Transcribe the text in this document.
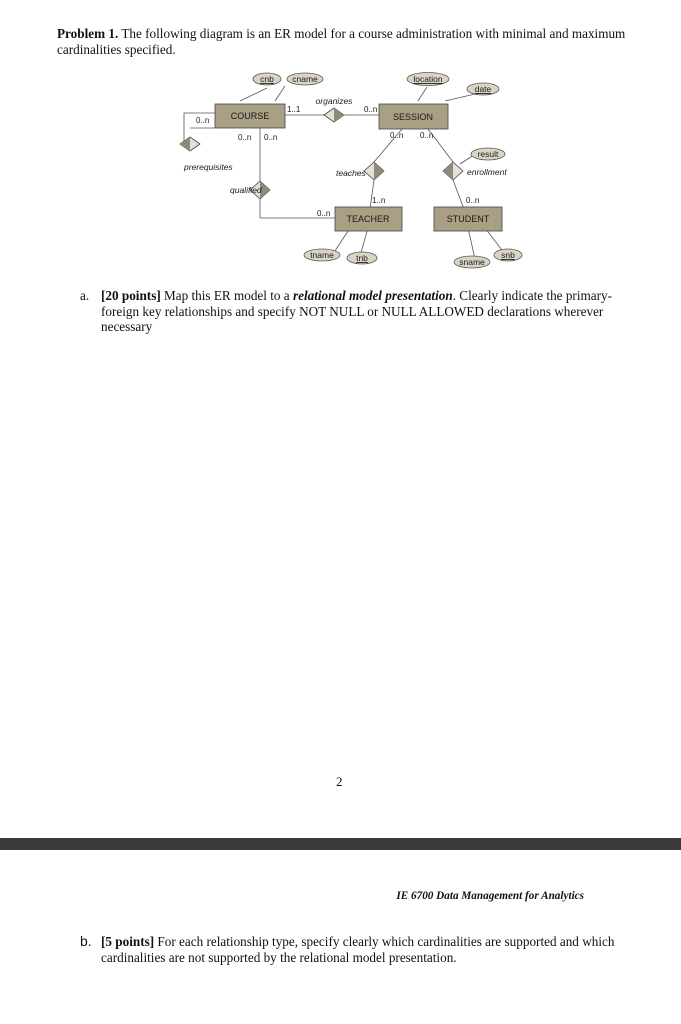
Problem 1. The following diagram is an ER model for a course administration with minimal and maximum cardinalities specified.
cnb cname	location
date
result
tname	tnb	sname
snb
COURSE	SESSION
TEACHER	STUDENT
organizes
prerequisites
qualified
teaches	enrollment
0..n
0..n 0..n
1..1	0..n
0..n 0..n
1..n
0..n
0..n
a. [20 points] Map this ER model to a relational model presentation. Clearly indicate the primary-foreign key relationships and specify NOT NULL or NULL ALLOWED declarations wherever necessary
2
IE 6700 Data Management for Analytics
b. [5 points] For each relationship type, specify clearly which cardinalities are supported and which cardinalities are not supported by the relational model presentation.
